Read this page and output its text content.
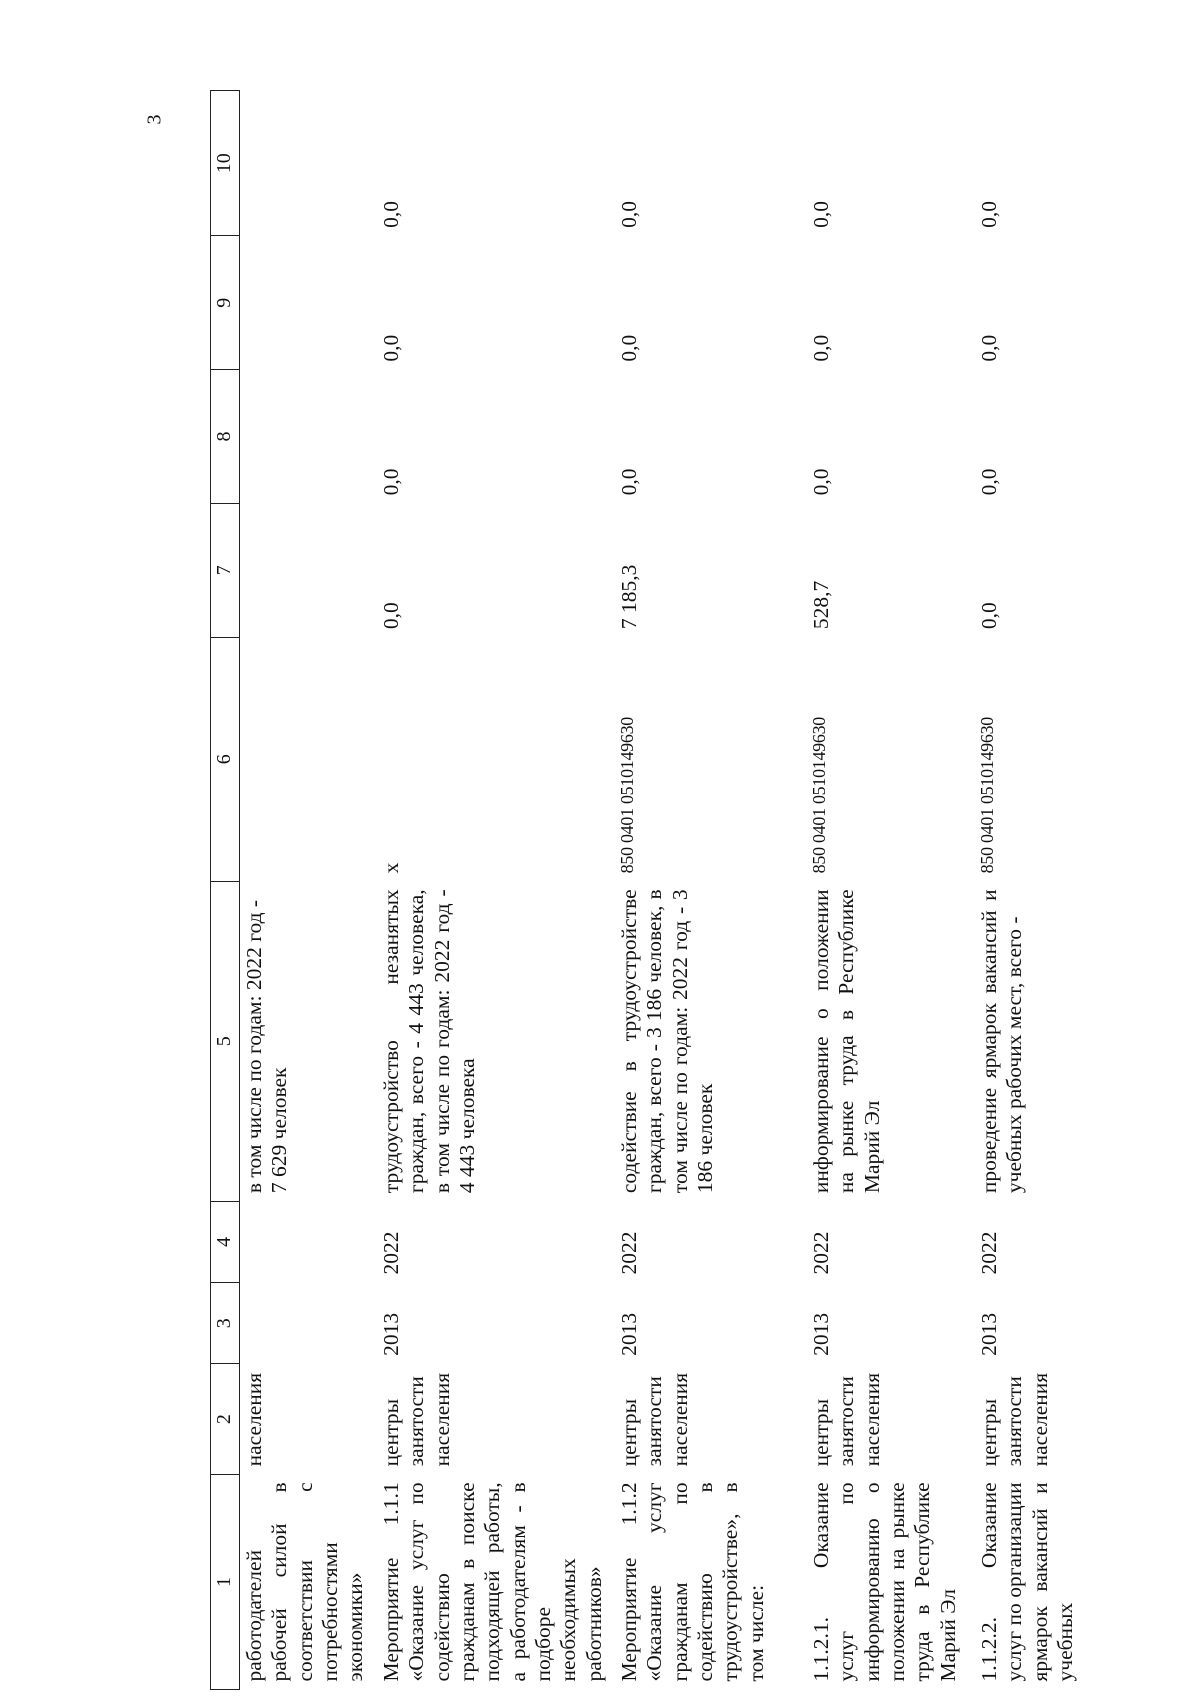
3
1	2	3	4	5	6	7	8	9	10
работодателей рабочей силой в соответствии с потребностями экономики»	населения			в том числе по годам: 2022 год - 7 629 человек					
Мероприятие 1.1.1 «Оказание услуг по содействию гражданам в поиске подходящей работы, а работодателям - в подборе необходимых работников»	центры занятости населения	2013	2022	трудоустройство незанятых граждан, всего - 4 443 человека, в том числе по годам: 2022 год - 4 443 человека	х	0,0	0,0	0,0	0,0
Мероприятие 1.1.2 «Оказание услуг гражданам по содействию в трудоустройстве», в том числе:	центры занятости населения	2013	2022	содействие в трудоустройстве граждан, всего - 3 186 человек, в том числе по годам: 2022 год - 3 186 человек	850 0401 0510149630	7 185,3	0,0	0,0	0,0
1.1.2.1. Оказание услуг по информированию о положении на рынке труда в Республике Марий Эл	центры занятости населения	2013	2022	информирование о положении на рынке труда в Республике Марий Эл	850 0401 0510149630	528,7	0,0	0,0	0,0
1.1.2.2. Оказание услуг по организации ярмарок вакансий и учебных	центры занятости населения	2013	2022	проведение ярмарок вакансий и учебных рабочих мест, всего -	850 0401 0510149630	0,0	0,0	0,0	0,0
